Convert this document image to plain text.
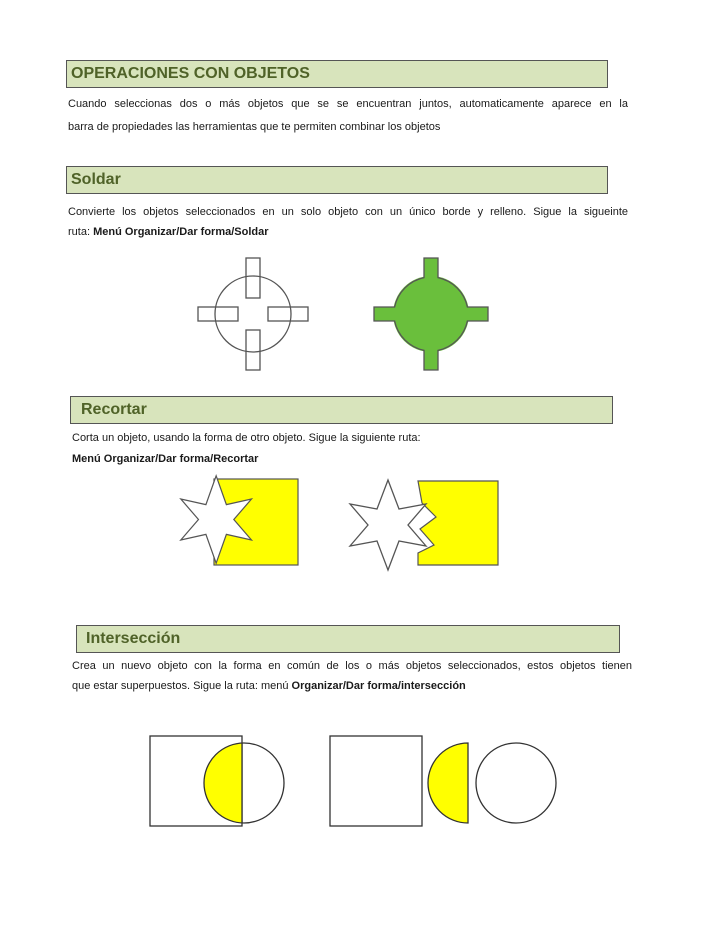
OPERACIONES CON OBJETOS
Cuando seleccionas dos o más objetos que se se encuentran juntos, automaticamente aparece en la
barra de propiedades las herramientas que te permiten combinar los objetos
Soldar
Convierte los objetos seleccionados en un solo objeto con un único borde y relleno. Sigue la sigueinte
ruta: Menú Organizar/Dar forma/Soldar
Recortar
Corta un objeto, usando la forma de otro objeto. Sigue la siguiente ruta:
Menú Organizar/Dar forma/Recortar
Intersección
Crea un nuevo objeto con la forma en común de los o más objetos seleccionados, estos objetos tienen
que estar superpuestos. Sigue la ruta: menú Organizar/Dar forma/intersección
